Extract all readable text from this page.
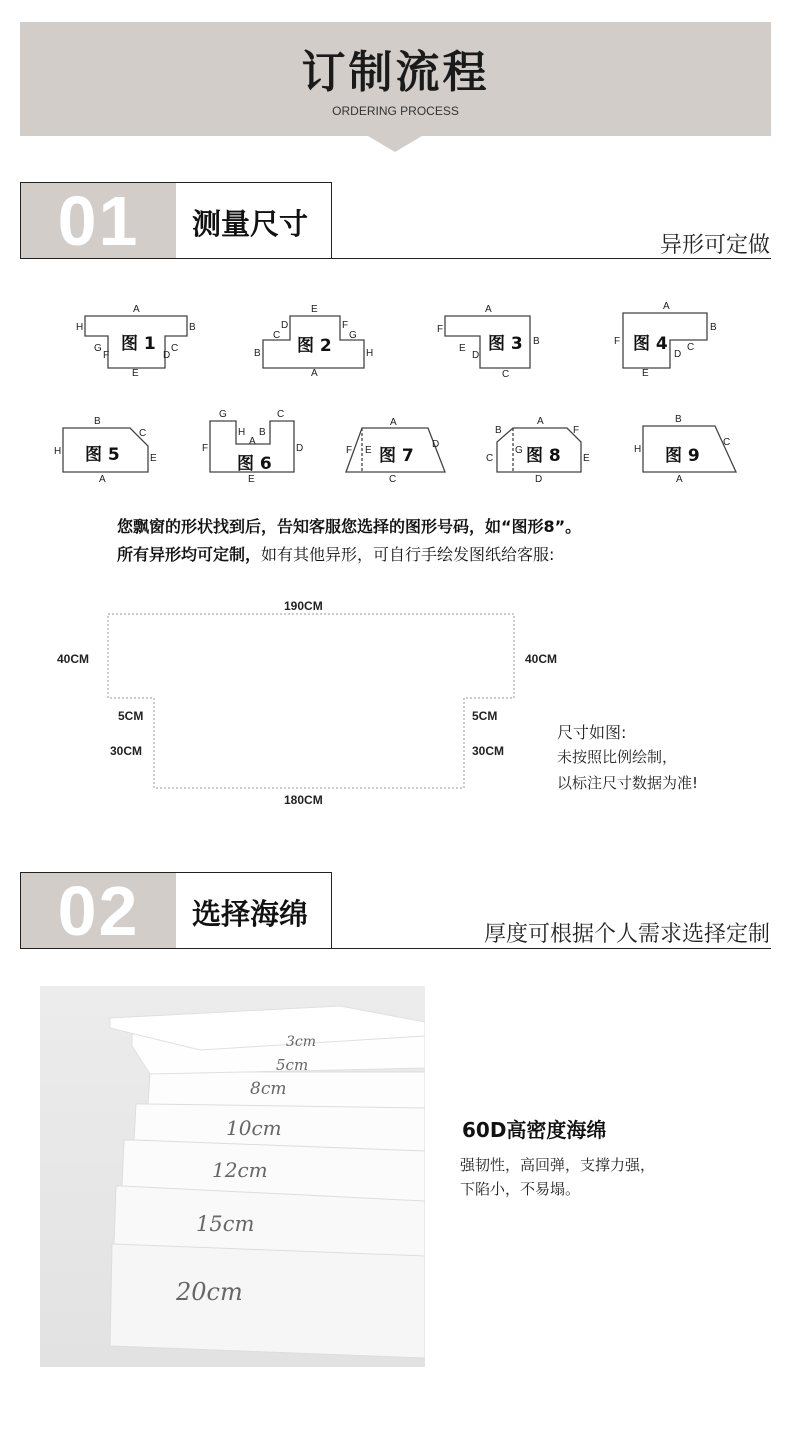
订制流程
ORDERING PROCESS
01	测量尺寸
异形可定做
图 1	图 2	图 3	图 4
图 5	图 6	图 7	图 8	图 9
A
B
C
D
E
F
G
H
A
B
C
D
E
F
G
H
A
B
C
D
E
F
A
B
C
D
E
F
A
B
C
E
H
A
B
C
D
E
F
G
H
A
C
D
E
F
A
B
C
D
E
F
G
A
B
C
H
您飘窗的形状找到后，告知客服您选择的图形号码，如“图形8”。
所有异形均可定制，如有其他异形，可自行手绘发图纸给客服:
190CM
40CM	40CM
5CM	5CM
30CM	30CM
180CM
尺寸如图:
未按照比例绘制，
以标注尺寸数据为准!
02	选择海绵
厚度可根据个人需求选择定制
3cm
5cm
8cm
10cm
12cm
15cm
20cm
60D高密度海绵
强韧性，高回弹，支撑力强，
下陷小，不易塌。
